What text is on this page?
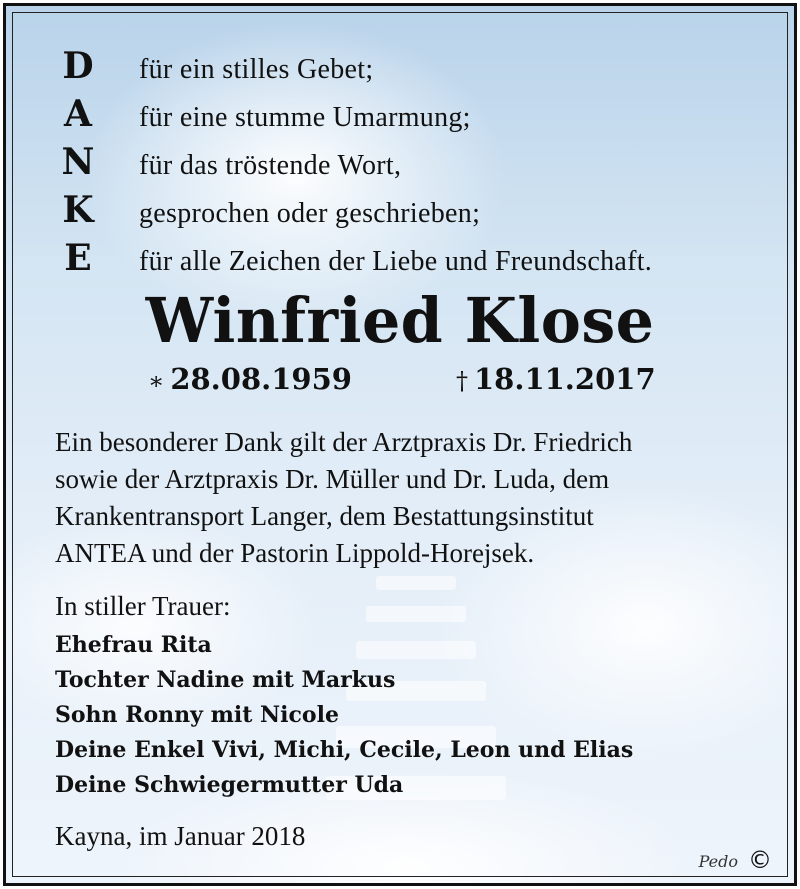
D
A
N
K
E
für ein stilles Gebet;
für eine stumme Umarmung;
für das tröstende Wort,
gesprochen oder geschrieben;
für alle Zeichen der Liebe und Freundschaft.
Winfried Klose
∗ 28.08.1959	† 18.11.2017
Ein besonderer Dank gilt der Arztpraxis Dr. Friedrich
sowie der Arztpraxis Dr. Müller und Dr. Luda, dem
Krankentransport Langer, dem Bestattungsinstitut
ANTEA und der Pastorin Lippold-Horejsek.
In stiller Trauer:
Ehefrau Rita
Tochter Nadine mit Markus
Sohn Ronny mit Nicole
Deine Enkel Vivi, Michi, Cecile, Leon und Elias
Deine Schwiegermutter Uda
Kayna, im Januar 2018
Pedo ©
